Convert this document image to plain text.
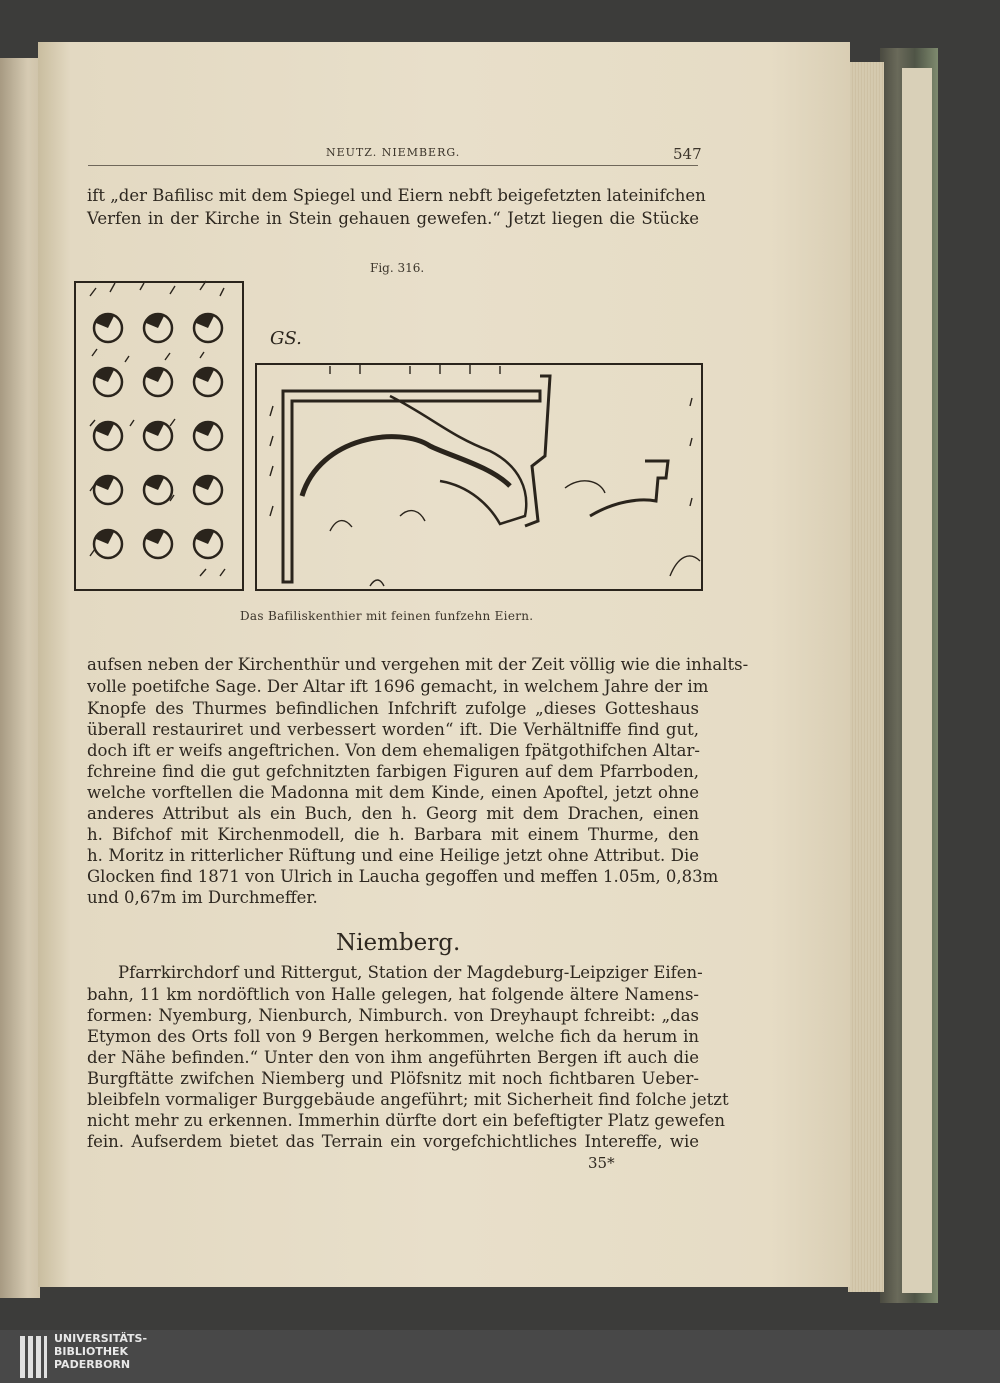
NEUTZ. NIEMBERG.	547
ift „der Bafilisc mit dem Spiegel und Eiern nebft beigefetzten lateinifchen
Verfen in der Kirche in Stein gehauen gewefen.“ Jetzt liegen die Stücke
Fig. 316.
GS.
Das Bafiliskenthier mit feinen funfzehn Eiern.
aufsen neben der Kirchenthür und vergehen mit der Zeit völlig wie die inhalts-
volle poetifche Sage. Der Altar ift 1696 gemacht, in welchem Jahre der im
Knopfe des Thurmes befindlichen Infchrift zufolge „dieses Gotteshaus
überall restauriret und verbessert worden“ ift. Die Verhältniffe find gut,
doch ift er weifs angeftrichen. Von dem ehemaligen fpätgothifchen Altar-
fchreine find die gut gefchnitzten farbigen Figuren auf dem Pfarrboden,
welche vorftellen die Madonna mit dem Kinde, einen Apoftel, jetzt ohne
anderes Attribut als ein Buch, den h. Georg mit dem Drachen, einen
h. Bifchof mit Kirchenmodell, die h. Barbara mit einem Thurme, den
h. Moritz in ritterlicher Rüftung und eine Heilige jetzt ohne Attribut. Die
Glocken find 1871 von Ulrich in Laucha gegoffen und meffen 1.05m, 0,83m
und 0,67m im Durchmeffer.
Niemberg.
Pfarrkirchdorf und Rittergut, Station der Magdeburg-Leipziger Eifen-
bahn, 11 km nordöftlich von Halle gelegen, hat folgende ältere Namens-
formen: Nyemburg, Nienburch, Nimburch. von Dreyhaupt fchreibt: „das
Etymon des Orts foll von 9 Bergen herkommen, welche fich da herum in
der Nähe befinden.“ Unter den von ihm angeführten Bergen ift auch die
Burgftätte zwifchen Niemberg und Plöfsnitz mit noch fichtbaren Ueber-
bleibfeln vormaliger Burggebäude angeführt; mit Sicherheit find folche jetzt
nicht mehr zu erkennen. Immerhin dürfte dort ein befeftigter Platz gewefen
fein. Aufserdem bietet das Terrain ein vorgefchichtliches Intereffe, wie
35*
UNIVERSITÄTS-
BIBLIOTHEK
PADERBORN
